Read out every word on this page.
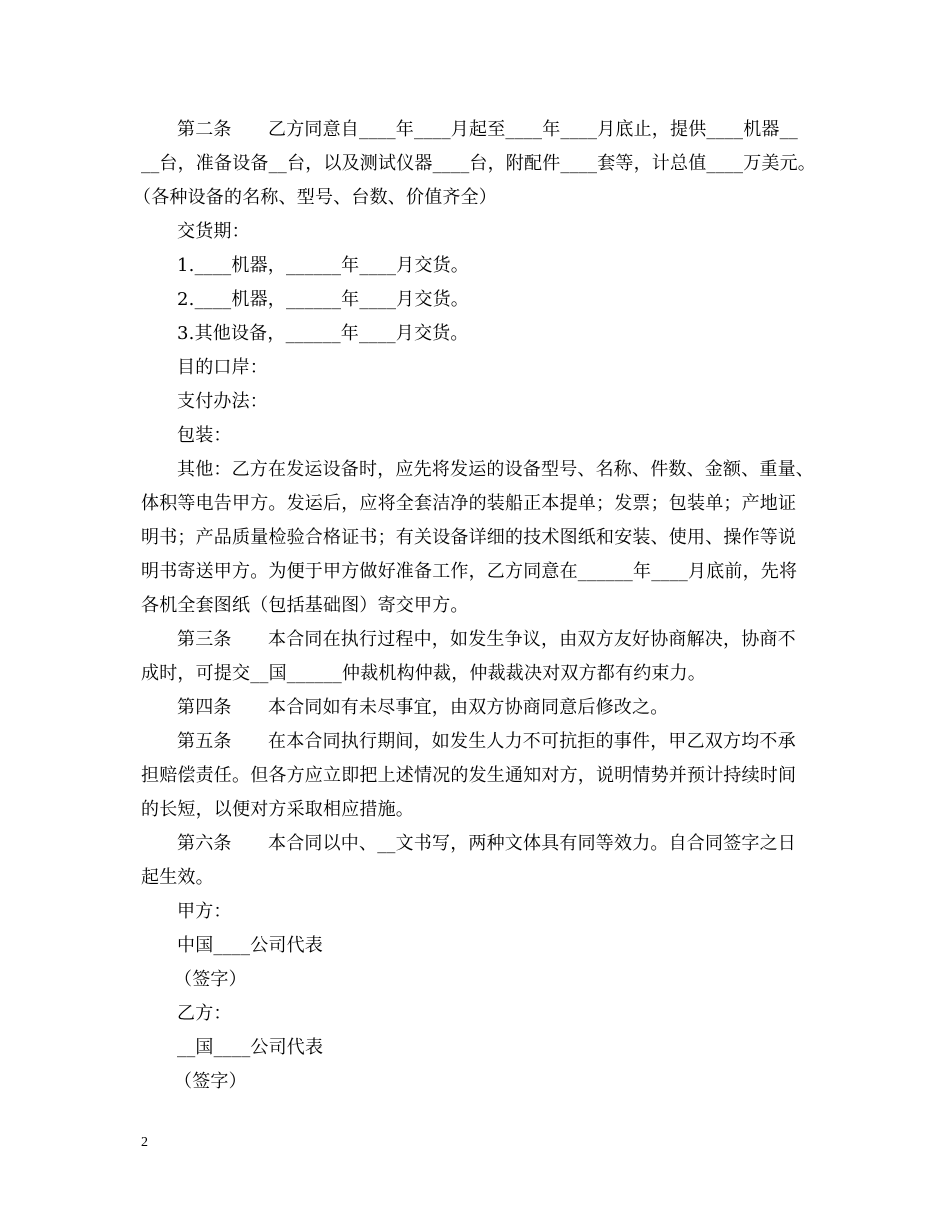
第二条　　乙方同意自____年____月起至____年____月底止，提供____机器__
__台，准备设备__台，以及测试仪器____台，附配件____套等，计总值____万美元。
（各种设备的名称、型号、台数、价值齐全）
交货期：
1.____机器，______年____月交货。
2.____机器，______年____月交货。
3.其他设备，______年____月交货。
目的口岸：
支付办法：
包装：
其他：乙方在发运设备时，应先将发运的设备型号、名称、件数、金额、重量、
体积等电告甲方。发运后，应将全套洁净的装船正本提单；发票；包装单；产地证
明书；产品质量检验合格证书；有关设备详细的技术图纸和安装、使用、操作等说
明书寄送甲方。为便于甲方做好准备工作，乙方同意在______年____月底前，先将
各机全套图纸（包括基础图）寄交甲方。
第三条　　本合同在执行过程中，如发生争议，由双方友好协商解决，协商不
成时，可提交__国______仲裁机构仲裁，仲裁裁决对双方都有约束力。
第四条　　本合同如有未尽事宜，由双方协商同意后修改之。
第五条　　在本合同执行期间，如发生人力不可抗拒的事件，甲乙双方均不承
担赔偿责任。但各方应立即把上述情况的发生通知对方，说明情势并预计持续时间
的长短，以便对方采取相应措施。
第六条　　本合同以中、__文书写，两种文体具有同等效力。自合同签字之日
起生效。
甲方：
中国____公司代表
（签字）
乙方：
__国____公司代表
（签字）
2
